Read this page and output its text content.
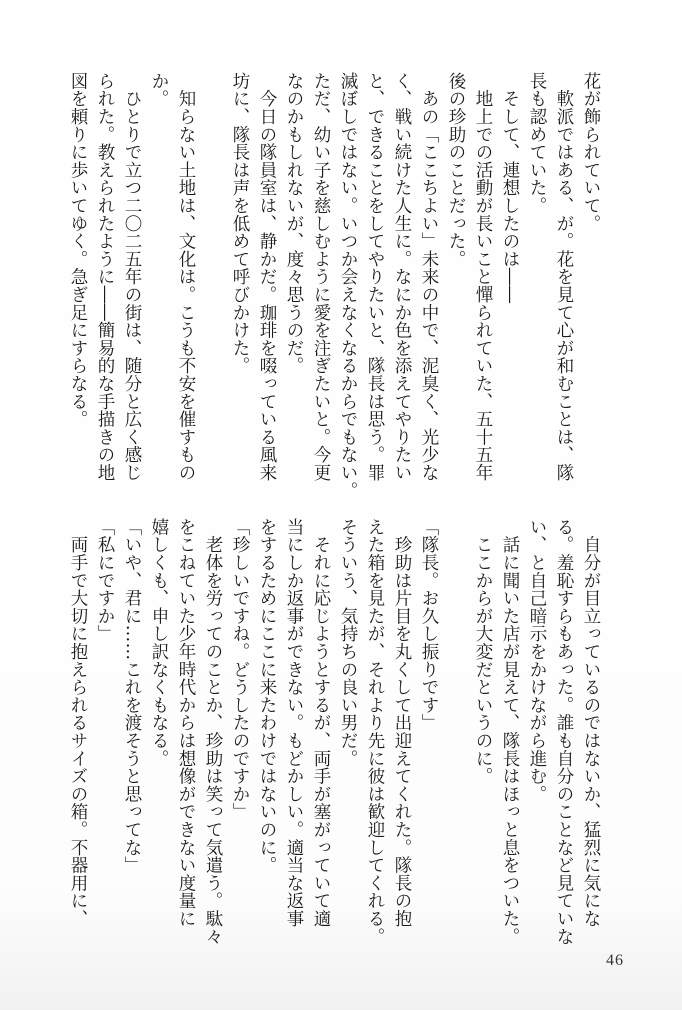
花が飾られていて。
　軟派ではある、が。花を見て心が和むことは、隊
長も認めていた。
　そして、連想したのは――
　地上での活動が長いこと憚られていた、五十五年
後の珍助のことだった。
　あの「ここちよい」未来の中で、泥臭く、光少な
く、戦い続けた人生に。なにか色を添えてやりたい
と、できることをしてやりたいと、隊長は思う。罪
滅ぼしではない。いつか会えなくなるからでもない。
ただ、幼い子を慈しむように愛を注ぎたいと。今更
なのかもしれないが、度々思うのだ。
　今日の隊員室は、静かだ。珈琲を啜っている風来
坊に、隊長は声を低めて呼びかけた。

　知らない土地は、文化は。こうも不安を催すもの
か。
　ひとりで立つ二〇二五年の街は、随分と広く感じ
られた。教えられたように――簡易的な手描きの地
図を頼りに歩いてゆく。急ぎ足にすらなる。
　自分が目立っているのではないか、猛烈に気にな
る。羞恥すらもあった。誰も自分のことなど見ていな
い、と自己暗示をかけながら進む。
　話に聞いた店が見えて、隊長はほっと息をついた。
　ここからが大変だというのに。

「隊長。お久し振りです」
　珍助は片目を丸くして出迎えてくれた。隊長の抱
えた箱を見たが、それより先に彼は歓迎してくれる。
そういう、気持ちの良い男だ。
　それに応じようとするが、両手が塞がっていて適
当にしか返事ができない。もどかしい。適当な返事
をするためにここに来たわけではないのに。
「珍しいですね。どうしたのですか」
　老体を労ってのことか、珍助は笑って気遣う。駄々
をこねていた少年時代からは想像ができない度量に
嬉しくも、申し訳なくもなる。
「いや、君に……これを渡そうと思ってな」
「私にですか」
　両手で大切に抱えられるサイズの箱。不器用に、
46
